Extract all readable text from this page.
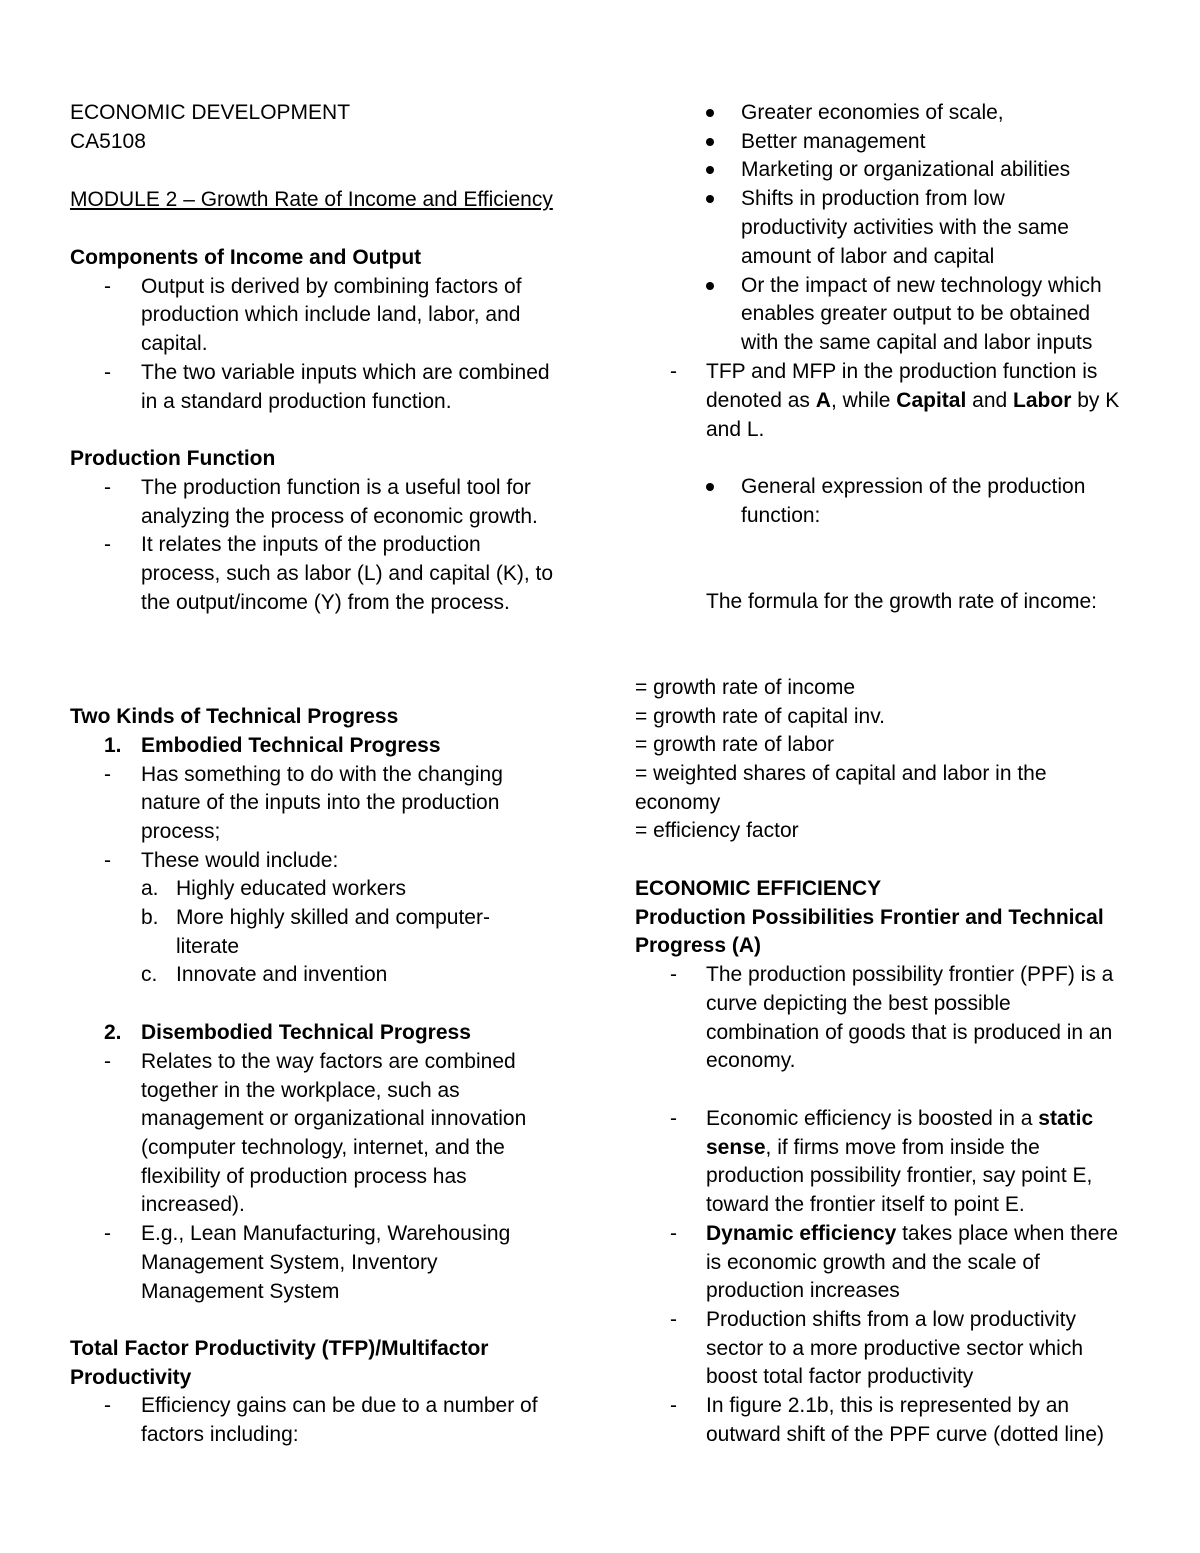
ECONOMIC DEVELOPMENT
CA5108
MODULE 2 – Growth Rate of Income and Efficiency
Components of Income and Output
- Output is derived by combining factors of
production which include land, labor, and
capital.
- The two variable inputs which are combined
in a standard production function.
Production Function
- The production function is a useful tool for
analyzing the process of economic growth.
- It relates the inputs of the production
process, such as labor (L) and capital (K), to
the output/income (Y) from the process.
Two Kinds of Technical Progress
1. Embodied Technical Progress
- Has something to do with the changing
nature of the inputs into the production
process;
- These would include:
a. Highly educated workers
b. More highly skilled and computer-
literate
c. Innovate and invention
2. Disembodied Technical Progress
- Relates to the way factors are combined
together in the workplace, such as
management or organizational innovation
(computer technology, internet, and the
flexibility of production process has
increased).
- E.g., Lean Manufacturing, Warehousing
Management System, Inventory
Management System
Total Factor Productivity (TFP)/Multifactor
Productivity
- Efficiency gains can be due to a number of
factors including:
Greater economies of scale,
Better management
Marketing or organizational abilities
Shifts in production from low
productivity activities with the same
amount of labor and capital
Or the impact of new technology which
enables greater output to be obtained
with the same capital and labor inputs
- TFP and MFP in the production function is
denoted as A, while Capital and Labor by K
and L.
General expression of the production
function:
The formula for the growth rate of income:
= growth rate of income
= growth rate of capital inv.
= growth rate of labor
= weighted shares of capital and labor in the
economy
= efficiency factor
ECONOMIC EFFICIENCY
Production Possibilities Frontier and Technical
Progress (A)
- The production possibility frontier (PPF) is a
curve depicting the best possible
combination of goods that is produced in an
economy.
- Economic efficiency is boosted in a static
sense, if firms move from inside the
production possibility frontier, say point E,
toward the frontier itself to point E.
- Dynamic efficiency takes place when there
is economic growth and the scale of
production increases
- Production shifts from a low productivity
sector to a more productive sector which
boost total factor productivity
- In figure 2.1b, this is represented by an
outward shift of the PPF curve (dotted line)
